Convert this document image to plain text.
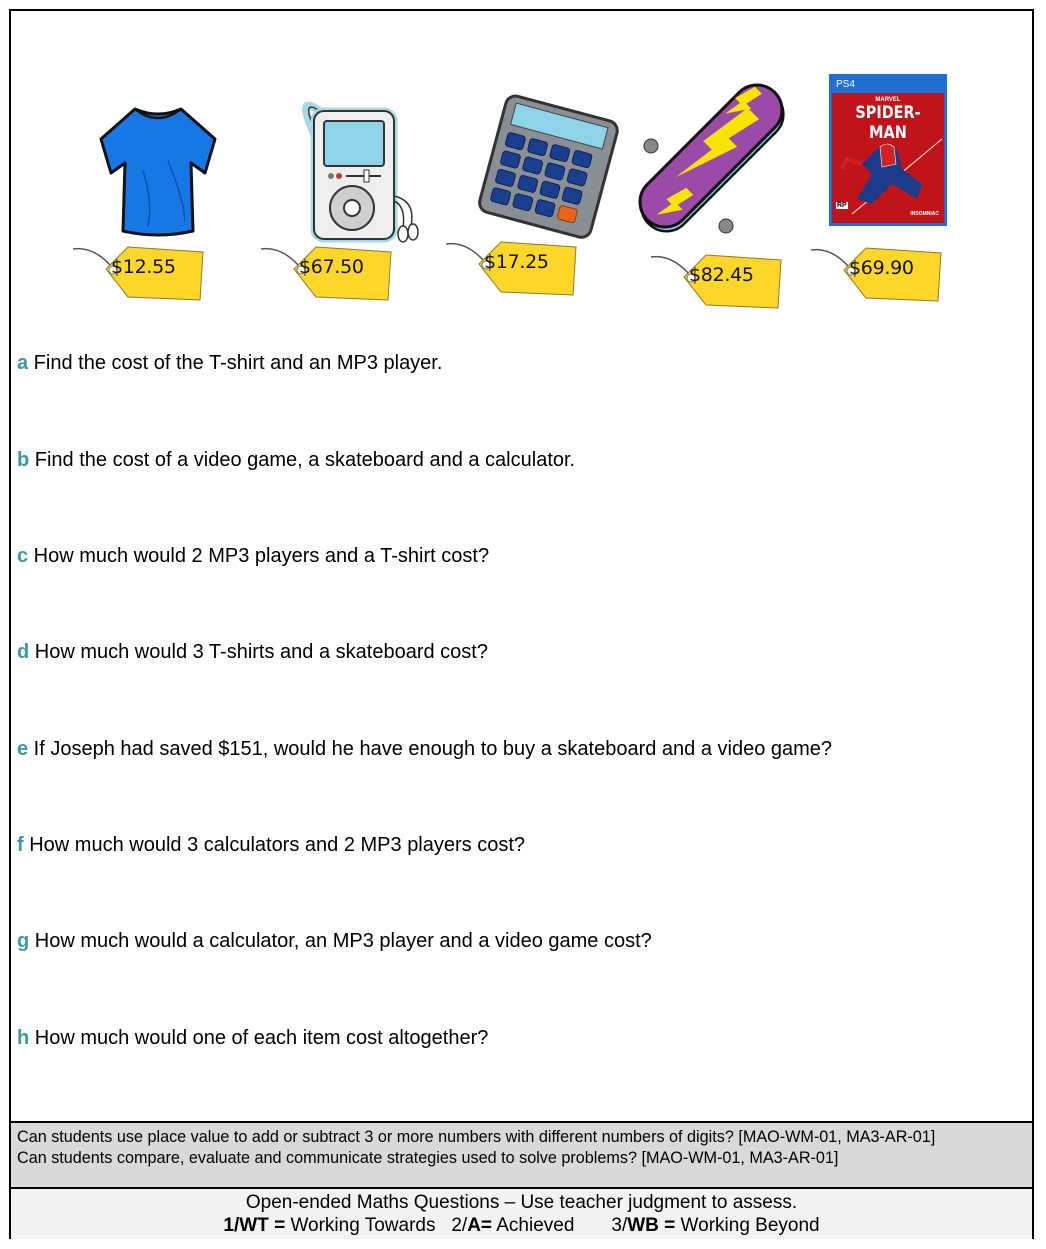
$12.55	$67.50	$17.25
$82.45
PS4
MARVEL
SPIDER-MAN
RP
INSOMNIAC
$69.90
a Find the cost of the T-shirt and an MP3 player.
b Find the cost of a video game, a skateboard and a calculator.
c How much would 2 MP3 players and a T-shirt cost?
d How much would 3 T-shirts and a skateboard cost?
e If Joseph had saved $151, would he have enough to buy a skateboard and a video game?
f How much would 3 calculators and 2 MP3 players cost?
g How much would a calculator, an MP3 player and a video game cost?
h How much would one of each item cost altogether?
Can students use place value to add or subtract 3 or more numbers with different numbers of digits? [MAO-WM-01, MA3-AR-01]
Can students compare, evaluate and communicate strategies used to solve problems? [MAO-WM-01, MA3-AR-01]
Open-ended Maths Questions – Use teacher judgment to assess.
1/WT = Working Towards 2/A= Achieved 3/WB = Working Beyond
